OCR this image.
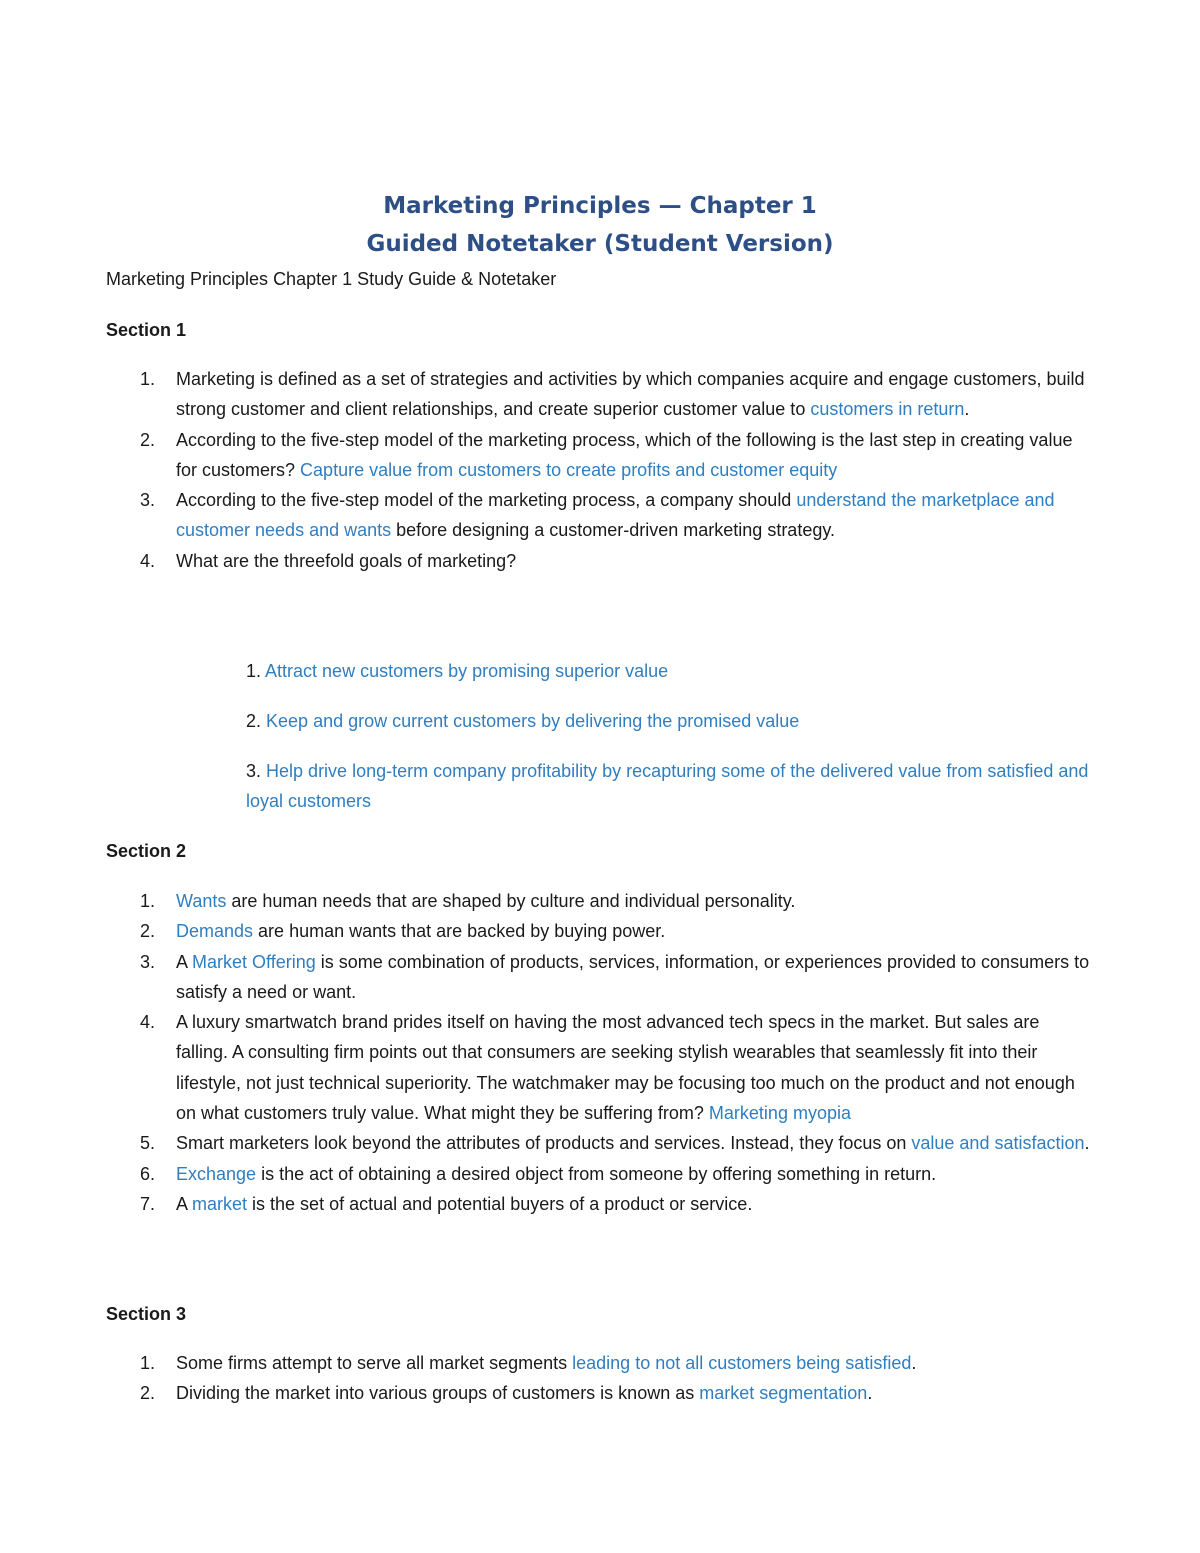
Marketing Principles — Chapter 1
Guided Notetaker (Student Version)

Marketing Principles Chapter 1 Study Guide & Notetaker

Section 1

1.	Marketing is defined as a set of strategies and activities by which companies acquire and engage customers, build strong customer and client relationships, and create superior customer value to customers in return.
2.	According to the five-step model of the marketing process, which of the following is the last step in creating value for customers? Capture value from customers to create profits and customer equity
3.	According to the five-step model of the marketing process, a company should understand the marketplace and customer needs and wants before designing a customer-driven marketing strategy.
4.	What are the threefold goals of marketing?
1. Attract new customers by promising superior value
2. Keep and grow current customers by delivering the promised value
3. Help drive long-term company profitability by recapturing some of the delivered value from satisfied and loyal customers

Section 2

1.	Wants are human needs that are shaped by culture and individual personality.
2.	Demands are human wants that are backed by buying power.
3.	A Market Offering is some combination of products, services, information, or experiences provided to consumers to satisfy a need or want.
4.	A luxury smartwatch brand prides itself on having the most advanced tech specs in the market. But sales are falling. A consulting firm points out that consumers are seeking stylish wearables that seamlessly fit into their lifestyle, not just technical superiority. The watchmaker may be focusing too much on the product and not enough on what customers truly value. What might they be suffering from? Marketing myopia
5.	Smart marketers look beyond the attributes of products and services. Instead, they focus on value and satisfaction.
6.	Exchange is the act of obtaining a desired object from someone by offering something in return.
7.	A market is the set of actual and potential buyers of a product or service.

Section 3

1.	Some firms attempt to serve all market segments leading to not all customers being satisfied.
2.	Dividing the market into various groups of customers is known as market segmentation.
